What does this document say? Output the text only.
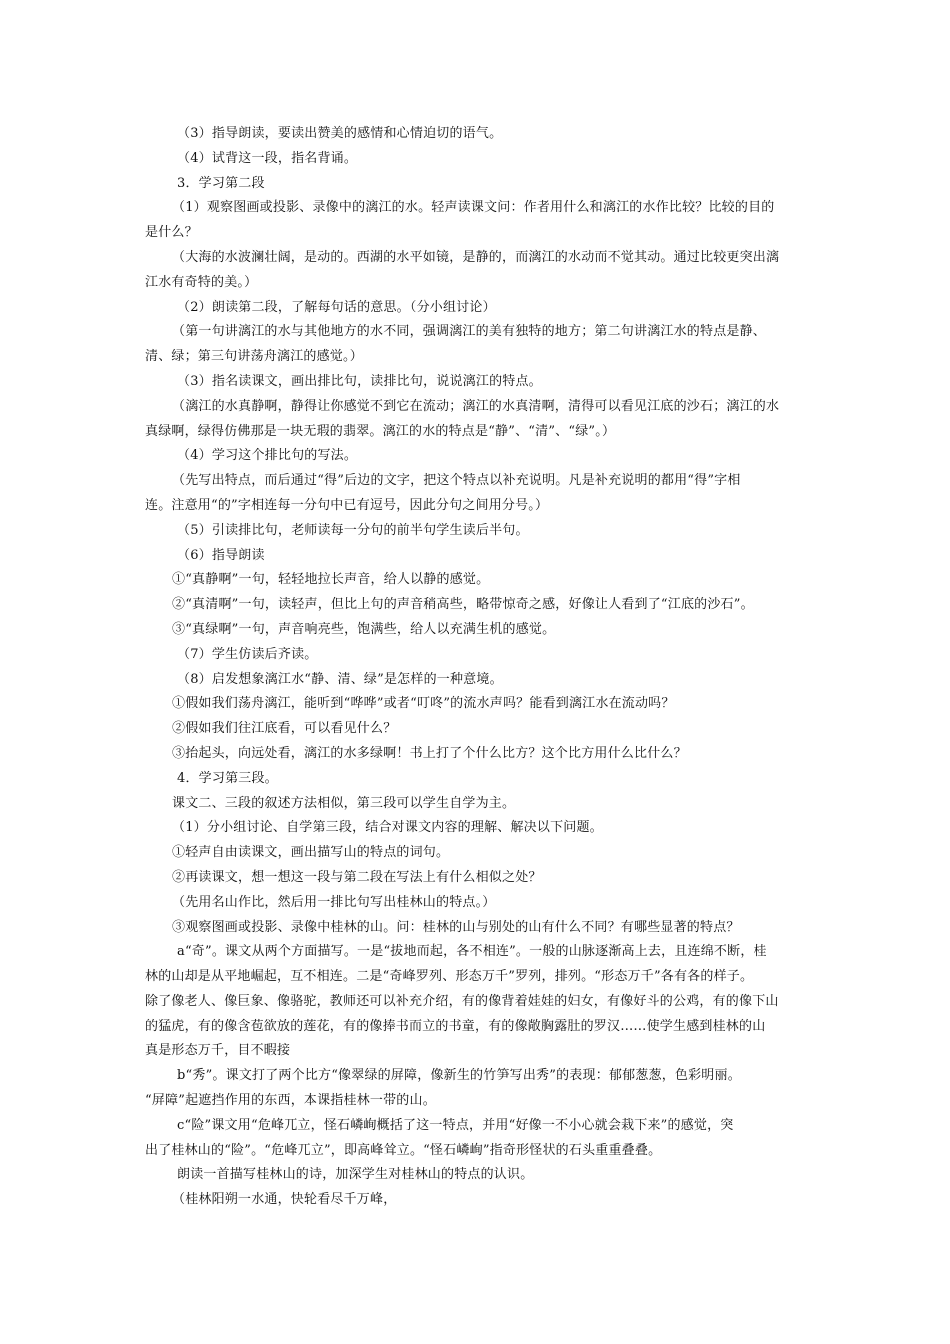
（3）指导朗读，要读出赞美的感情和心情迫切的语气。
（4）试背这一段，指名背诵。
3．学习第二段
（1）观察图画或投影、录像中的漓江的水。轻声读课文问：作者用什么和漓江的水作比较？比较的目的
是什么？
（大海的水波澜壮阔，是动的。西湖的水平如镜，是静的，而漓江的水动而不觉其动。通过比较更突出漓
江水有奇特的美。）
（2）朗读第二段，了解每句话的意思。（分小组讨论）
（第一句讲漓江的水与其他地方的水不同，强调漓江的美有独特的地方；第二句讲漓江水的特点是静、
清、绿；第三句讲荡舟漓江的感觉。）
（3）指名读课文，画出排比句，读排比句，说说漓江的特点。
（漓江的水真静啊，静得让你感觉不到它在流动；漓江的水真清啊，清得可以看见江底的沙石；漓江的水
真绿啊，绿得仿佛那是一块无瑕的翡翠。漓江的水的特点是“静”、“清”、“绿”。）
（4）学习这个排比句的写法。
（先写出特点，而后通过“得”后边的文字，把这个特点以补充说明。凡是补充说明的都用“得”字相
连。注意用“的”字相连每一分句中已有逗号，因此分句之间用分号。）
（5）引读排比句，老师读每一分句的前半句学生读后半句。
（6）指导朗读
①“真静啊”一句，轻轻地拉长声音，给人以静的感觉。
②“真清啊”一句，读轻声，但比上句的声音稍高些，略带惊奇之感，好像让人看到了“江底的沙石”。
③“真绿啊”一句，声音响亮些，饱满些，给人以充满生机的感觉。
（7）学生仿读后齐读。
（8）启发想象漓江水“静、清、绿”是怎样的一种意境。
①假如我们荡舟漓江，能听到“哗哗”或者“叮咚”的流水声吗？能看到漓江水在流动吗？
②假如我们往江底看，可以看见什么？
③抬起头，向远处看，漓江的水多绿啊！书上打了个什么比方？这个比方用什么比什么？
4．学习第三段。
课文二、三段的叙述方法相似，第三段可以学生自学为主。
（1）分小组讨论、自学第三段，结合对课文内容的理解、解决以下问题。
①轻声自由读课文，画出描写山的特点的词句。
②再读课文，想一想这一段与第二段在写法上有什么相似之处？
（先用名山作比，然后用一排比句写出桂林山的特点。）
③观察图画或投影、录像中桂林的山。问：桂林的山与别处的山有什么不同？有哪些显著的特点？
a“奇”。课文从两个方面描写。一是“拔地而起，各不相连”。一般的山脉逐渐高上去，且连绵不断，桂
林的山却是从平地崛起，互不相连。二是“奇峰罗列、形态万千”罗列，排列。“形态万千”各有各的样子。
除了像老人、像巨象、像骆驼，教师还可以补充介绍，有的像背着娃娃的妇女，有像好斗的公鸡，有的像下山
的猛虎，有的像含苞欲放的莲花，有的像捧书而立的书童，有的像敞胸露肚的罗汉……使学生感到桂林的山
真是形态万千，目不暇接
b“秀”。课文打了两个比方“像翠绿的屏障，像新生的竹笋写出秀”的表现：郁郁葱葱，色彩明丽。
“屏障”起遮挡作用的东西，本课指桂林一带的山。
c“险”课文用“危峰兀立，怪石嶙峋概括了这一特点，并用“好像一不小心就会栽下来”的感觉，突
出了桂林山的“险”。“危峰兀立”，即高峰耸立。“怪石嶙峋”指奇形怪状的石头重重叠叠。
朗读一首描写桂林山的诗，加深学生对桂林山的特点的认识。
（桂林阳朔一水通，快轮看尽千万峰，
